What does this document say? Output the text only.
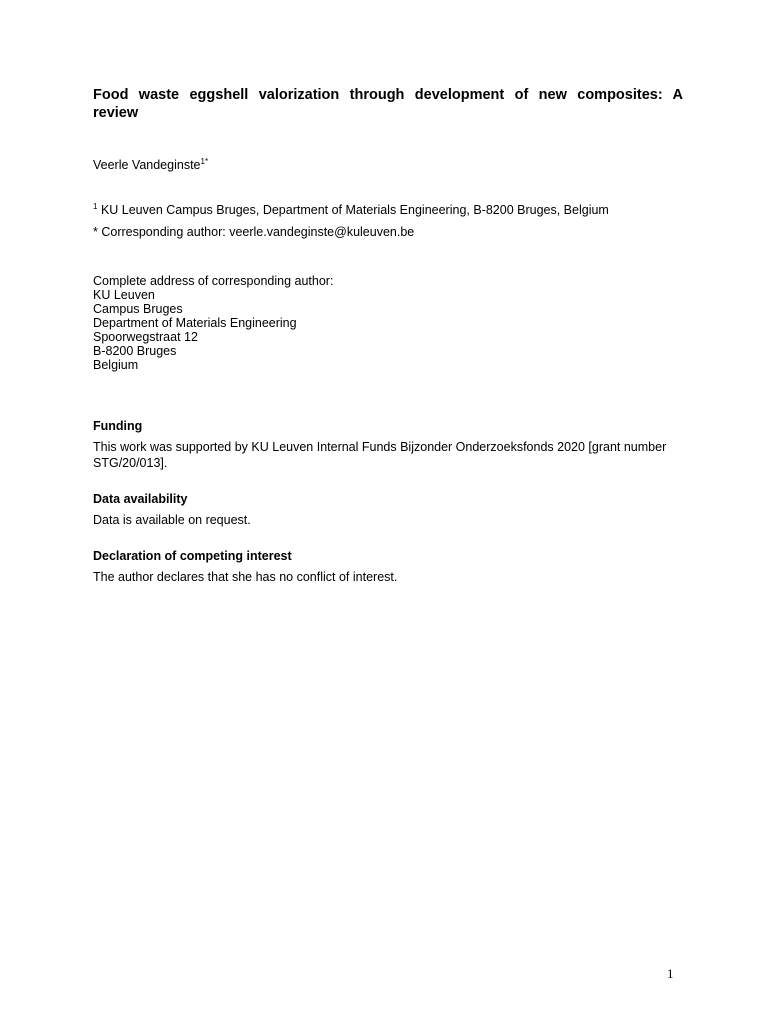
Food waste eggshell valorization through development of new composites: A review
Veerle Vandeginste$^{1*}$
$^1$ KU Leuven Campus Bruges, Department of Materials Engineering, B-8200 Bruges, Belgium
* Corresponding author: veerle.vandeginste@kuleuven.be
Complete address of corresponding author:
KU Leuven
Campus Bruges
Department of Materials Engineering
Spoorwegstraat 12
B-8200 Bruges
Belgium
Funding
This work was supported by KU Leuven Internal Funds Bijzonder Onderzoeksfonds 2020 [grant number STG/20/013].
Data availability
Data is available on request.
Declaration of competing interest
The author declares that she has no conflict of interest.
1
